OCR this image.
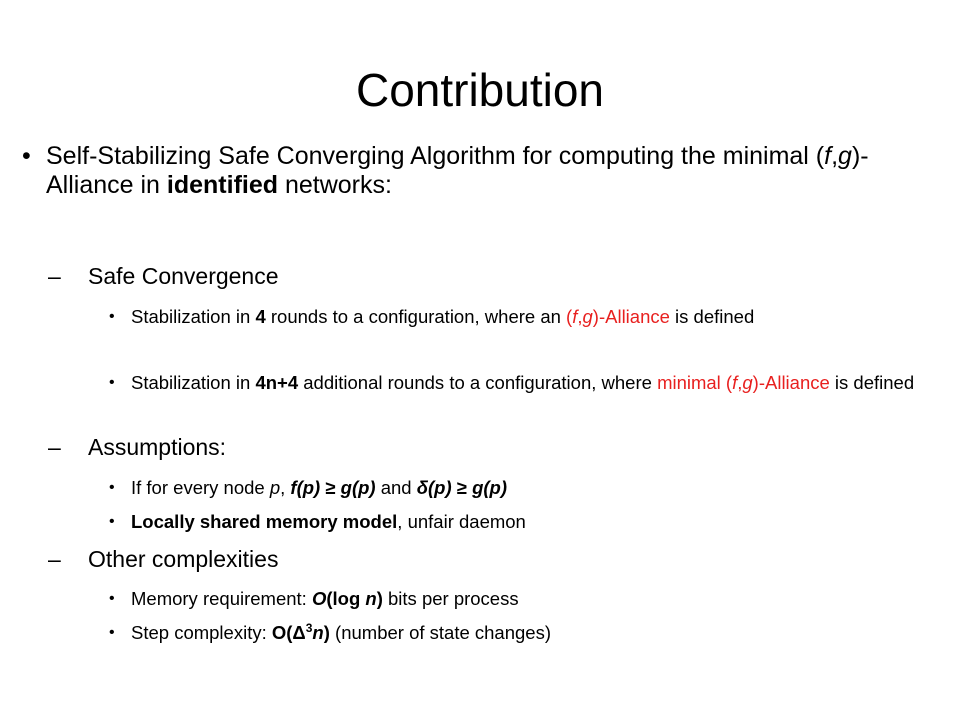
Contribution
• Self-Stabilizing Safe Converging Algorithm for computing the minimal (f,g)-Alliance in identified networks:
– Safe Convergence
• Stabilization in 4 rounds to a configuration, where an (f,g)-Alliance is defined
• Stabilization in 4n+4 additional rounds to a configuration, where minimal (f,g)-Alliance is defined
– Assumptions:
• If for every node p, f(p) ≥ g(p) and δ(p) ≥ g(p)
• Locally shared memory model, unfair daemon
– Other complexities
• Memory requirement: O(log n) bits per process
• Step complexity: $O(\Delta^3n)$ (number of state changes)
